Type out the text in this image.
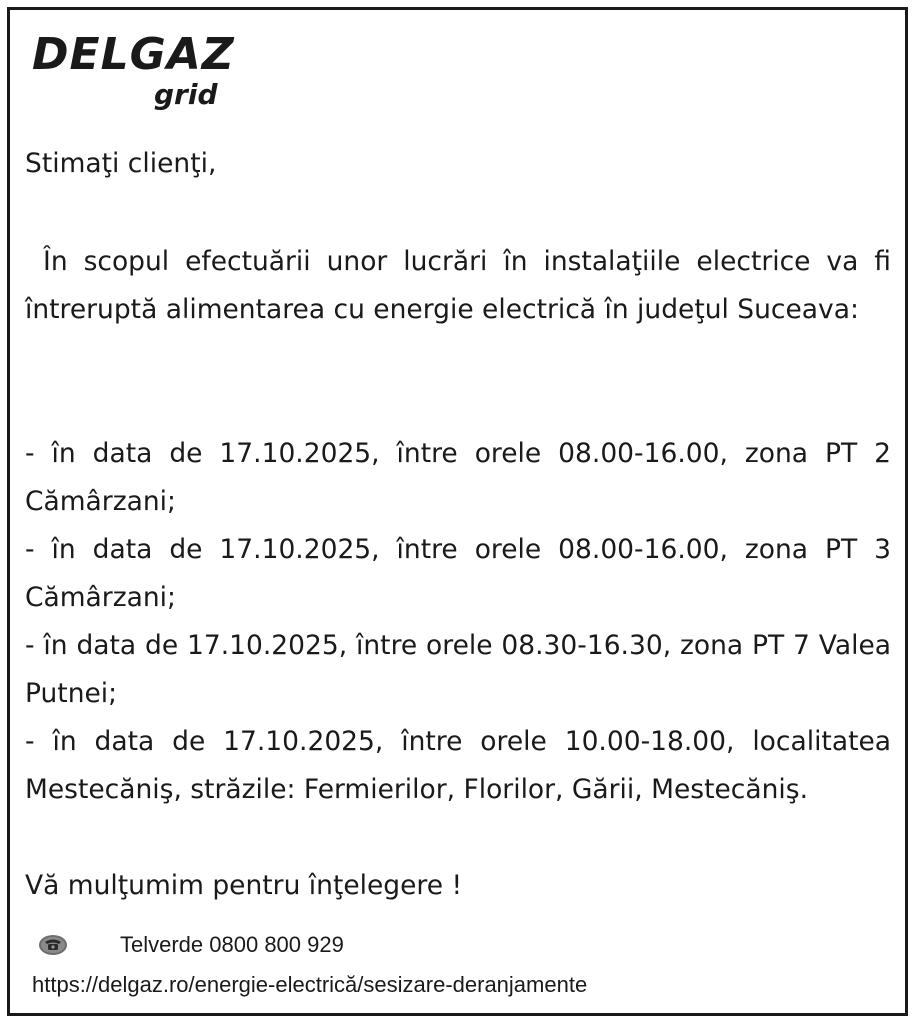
DELGAZ
grid
Stimaţi clienţi,
În scopul efectuării unor lucrări în instalaţiile electrice va fi întreruptă alimentarea cu energie electrică în judeţul Suceava:

- în data de 17.10.2025, între orele 08.00-16.00, zona PT 2 Cămârzani;

- în data de 17.10.2025, între orele 08.00-16.00, zona PT 3 Cămârzani;

- în data de 17.10.2025, între orele 08.30-16.30, zona PT 7 Valea Putnei;

- în data de 17.10.2025, între orele 10.00-18.00, localitatea Mestecăniş, străzile: Fermierilor, Florilor, Gării, Mestecăniş.

Vă mulţumim pentru înţelegere !
Telverde 0800 800 929
https://delgaz.ro/energie-electrică/sesizare-deranjamente
